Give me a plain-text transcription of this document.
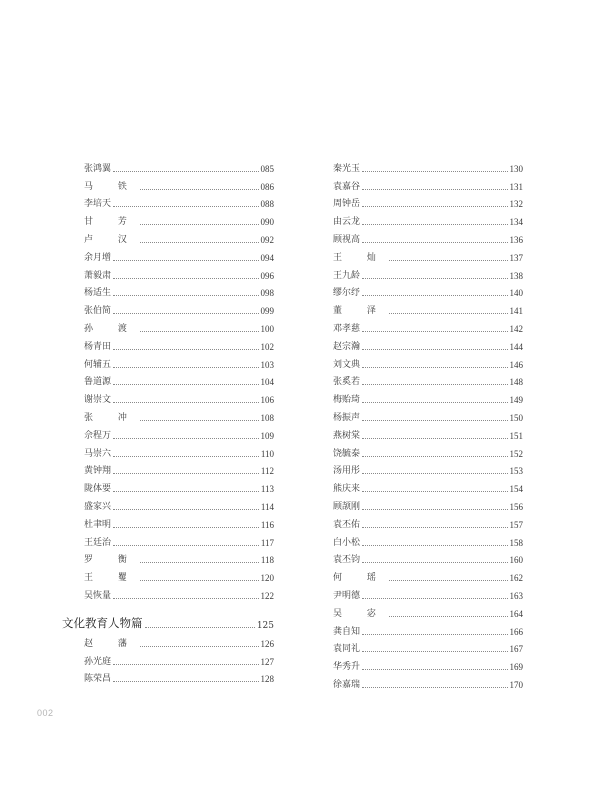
张鸿翼	085
马 铁	086
李培天	088
甘 芳	090
卢 汉	092
余月增	094
萧毅肃	096
杨适生	098
张伯简	099
孙 渡	100
杨青田	102
何辅五	103
鲁道源	104
谢崇文	106
张 冲	108
佘程万	109
马崇六	110
黄钟翔	112
陇体要	113
盛家兴	114
杜聿明	116
王廷治	117
罗 衡	118
王 矍	120
吴恢量	122
文化教育人物篇	125
赵 藩	126
孙光庭	127
陈荣昌	128
秦光玉	130
袁嘉谷	131
周钟岳	132
由云龙	134
顾视高	136
王 灿	137
王九龄	138
缪尔纾	140
董 泽	141
邓孝慈	142
赵宗瀚	144
刘文典	146
张奚若	148
梅贻琦	149
杨振声	150
燕树棠	151
饶毓泰	152
汤用彤	153
熊庆来	154
顾颉刚	156
袁丕佑	157
白小松	158
袁丕钧	160
何 瑶	162
尹明德	163
吴 宓	164
龚自知	166
袁同礼	167
华秀升	169
徐嘉瑞	170
002
